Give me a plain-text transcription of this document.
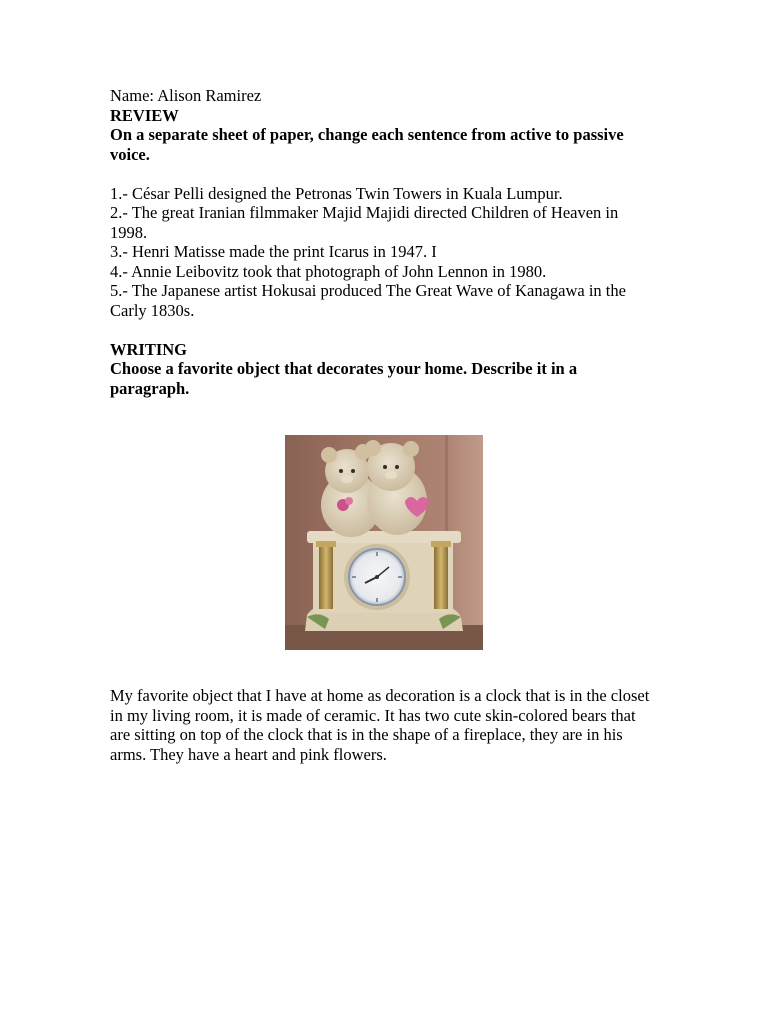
Name: Alison Ramirez
REVIEW
On a separate sheet of paper, change each sentence from active to passive voice.
1.- César Pelli designed the Petronas Twin Towers in Kuala Lumpur.
2.- The great Iranian filmmaker Majid Majidi directed Children of Heaven in 1998.
3.- Henri Matisse made the print Icarus in 1947. I
4.- Annie Leibovitz took that photograph of John Lennon in 1980.
5.- The Japanese artist Hokusai produced The Great Wave of Kanagawa in the Carly 1830s.
WRITING
Choose a favorite object that decorates your home. Describe it in a paragraph.
My favorite object that I have at home as decoration is a clock that is in the closet in my living room, it is made of ceramic. It has two cute skin-colored bears that are sitting on top of the clock that is in the shape of a fireplace, they are in his arms. They have a heart and pink flowers.
